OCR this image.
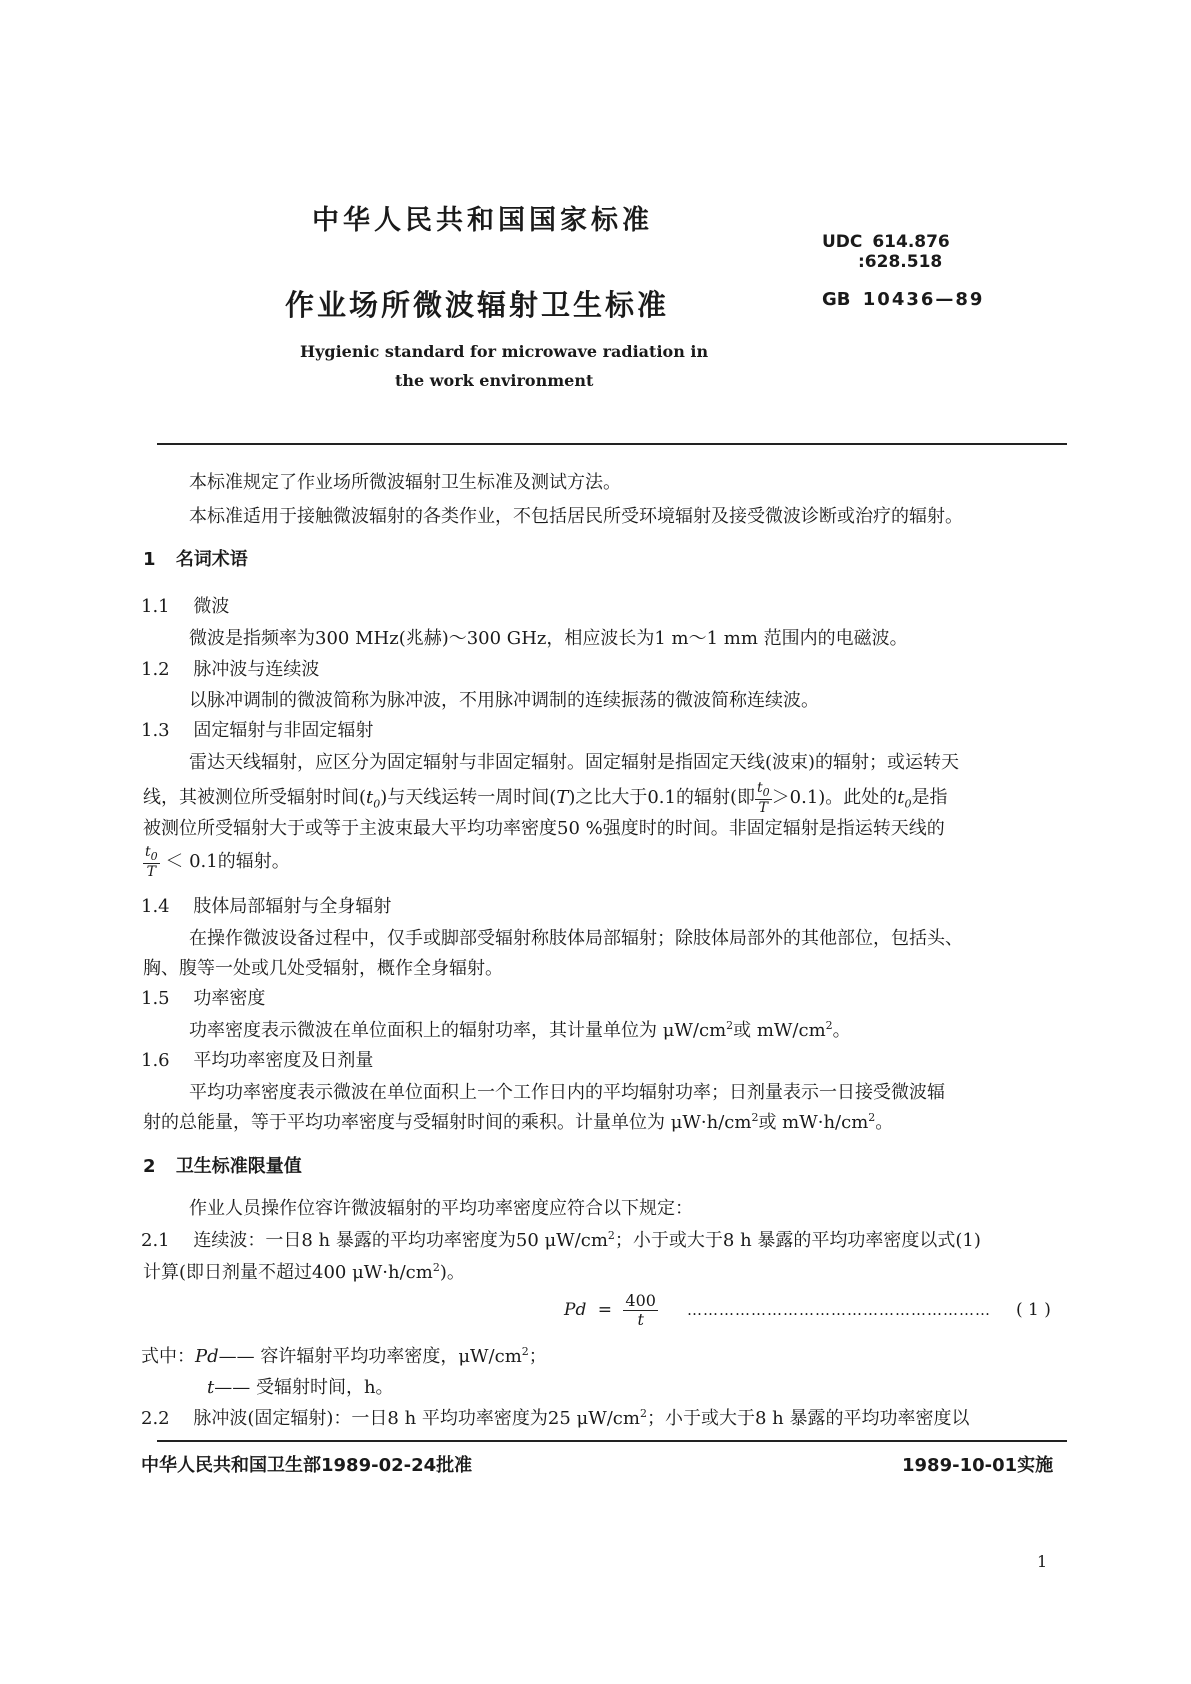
中华人民共和国国家标准
UDC 614.876
:628.518
作业场所微波辐射卫生标准	GB 10436—89
Hygienic standard for microwave radiation in
the work environment
本标准规定了作业场所微波辐射卫生标准及测试方法。
本标准适用于接触微波辐射的各类作业，不包括居民所受环境辐射及接受微波诊断或治疗的辐射。
1 名词术语
1.1 微波
微波是指频率为300 MHz(兆赫)～300 GHz，相应波长为1 m～1 mm 范围内的电磁波。
1.2 脉冲波与连续波
以脉冲调制的微波简称为脉冲波，不用脉冲调制的连续振荡的微波简称连续波。
1.3 固定辐射与非固定辐射
雷达天线辐射，应区分为固定辐射与非固定辐射。固定辐射是指固定天线(波束)的辐射；或运转天
线，其被测位所受辐射时间$(t_0)$与天线运转一周时间(T)之比大于0.1的辐射(即 $\frac{t_0}{T} >0.1$)。此处的$t_0$是指
被测位所受辐射大于或等于主波束最大平均功率密度50 %强度时的时间。非固定辐射是指运转天线的
$\frac{t_0}{T} < 0.1$的辐射。
1.4 肢体局部辐射与全身辐射
在操作微波设备过程中，仅手或脚部受辐射称肢体局部辐射；除肢体局部外的其他部位，包括头、
胸、腹等一处或几处受辐射，概作全身辐射。
1.5 功率密度
功率密度表示微波在单位面积上的辐射功率，其计量单位为 $\mu W/cm^2$或 $mW/cm^2$。
1.6 平均功率密度及日剂量
平均功率密度表示微波在单位面积上一个工作日内的平均辐射功率；日剂量表示一日接受微波辐
射的总能量，等于平均功率密度与受辐射时间的乘积。计量单位为 $\mu W\cdot h/cm^2$或 $mW\cdot h/cm^2$。
2 卫生标准限量值
作业人员操作位容许微波辐射的平均功率密度应符合以下规定：
2.1 连续波：一日8 h 暴露的平均功率密度为50 $\mu W/cm^2$；小于或大于8 h 暴露的平均功率密度以式(1)
计算(即日剂量不超过400 $\mu W\cdot h/cm^2$)。
$Pd = \frac{400}{t}$ ………………………………………………… ( 1 )
式中：Pd—— 容许辐射平均功率密度，$\mu W/cm^2$；
t—— 受辐射时间，h。
2.2 脉冲波(固定辐射)：一日8 h 平均功率密度为25 $\mu W/cm^2$；小于或大于8 h 暴露的平均功率密度以
中华人民共和国卫生部1989-02-24批准	1989-10-01实施
1
